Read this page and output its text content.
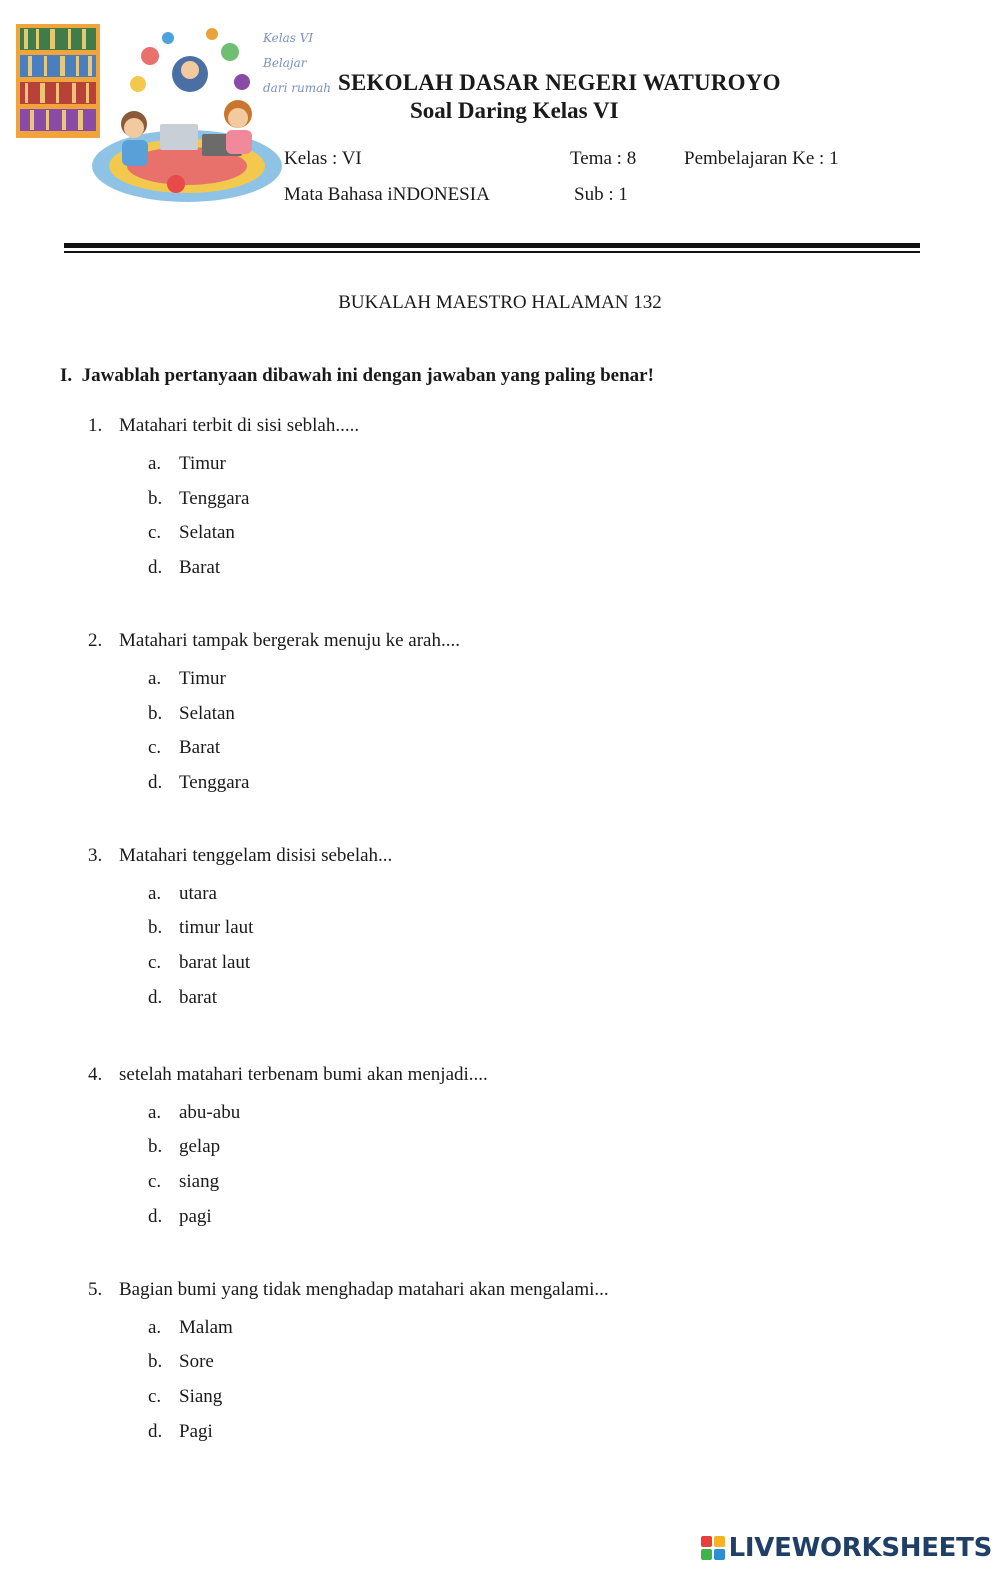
Kelas VI
Belajar
dari rumah SEKOLAH DASAR NEGERI WATUROYO
Soal Daring Kelas VI
Kelas : VI	Tema : 8	Pembelajaran Ke : 1
Mata Bahasa iNDONESIA	Sub : 1
BUKALAH MAESTRO HALAMAN 132
I. Jawablah pertanyaan dibawah ini dengan jawaban yang paling benar!
1. Matahari terbit di sisi seblah.....
a. Timur
b. Tenggara
c. Selatan
d. Barat
2. Matahari tampak bergerak menuju ke arah....
a. Timur
b. Selatan
c. Barat
d. Tenggara
3. Matahari tenggelam disisi sebelah...
a. utara
b. timur laut
c. barat laut
d. barat
4. setelah matahari terbenam bumi akan menjadi....
a. abu-abu
b. gelap
c. siang
d. pagi
5. Bagian bumi yang tidak menghadap matahari akan mengalami...
a. Malam
b. Sore
c. Siang
d. Pagi
LIVEWORKSHEETS
